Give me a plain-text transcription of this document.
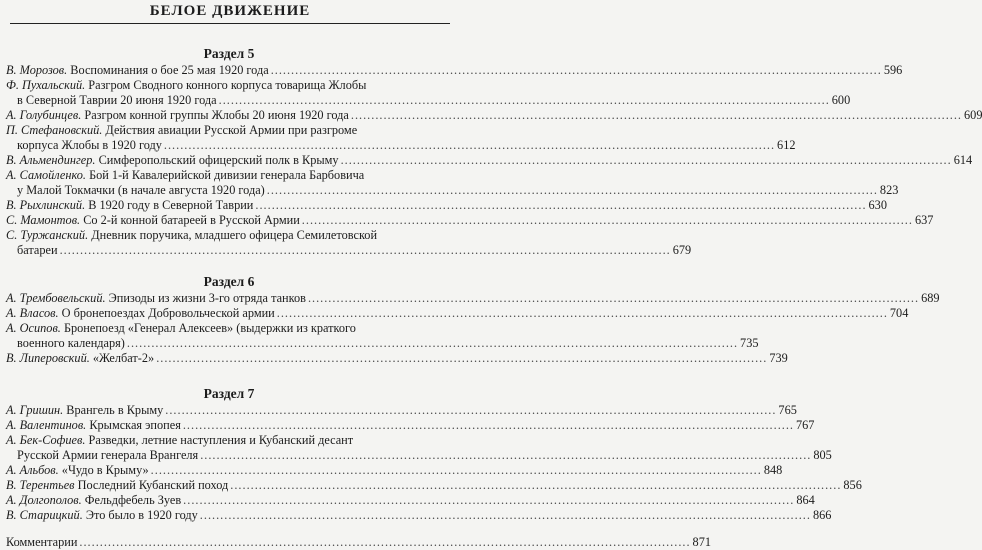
БЕЛОЕ ДВИЖЕНИЕ
Раздел 5
В. Морозов. Воспоминания о бое 25 мая 1920 года .....	596
Ф. Пухальский. Разгром Сводного конного корпуса товарища Жлобы
в Северной Таврии 20 июня 1920 года .....	600
А. Голубинцев. Разгром конной группы Жлобы 20 июня 1920 года .....	609
П. Стефановский. Действия авиации Русской Армии при разгроме
корпуса Жлобы в 1920 году .....	612
В. Альмендингер. Симферопольский офицерский полк в Крыму .....	614
А. Самойленко. Бой 1-й Кавалерийской дивизии генерала Барбовича
у Малой Токмачки (в начале августа 1920 года) .....	823
В. Рыхлинский. В 1920 году в Северной Таврии .....	630
С. Мамонтов. Со 2-й конной батареей в Русской Армии .....	637
С. Туржанский. Дневник поручика, младшего офицера Семилетовской
батареи .....	679
Раздел 6
А. Трембовельский. Эпизоды из жизни 3-го отряда танков .....	689
А. Власов. О бронепоездах Добровольческой армии .....	704
А. Осипов. Бронепоезд «Генерал Алексеев» (выдержки из краткого
военного календаря) .....	735
В. Липеровский. «Желбат-2» .....	739
Раздел 7
А. Гришин. Врангель в Крыму .....	765
А. Валентинов. Крымская эпопея .....	767
А. Бек-Софиев. Разведки, летние наступления и Кубанский десант
Русской Армии генерала Врангеля .....	805
А. Альбов. «Чудо в Крыму» .....	848
В. Терентьев Последний Кубанский поход .....	856
А. Долгополов. Фельдфебель Зуев .....	864
В. Старицкий. Это было в 1920 году .....	866
Комментарии .....	871
